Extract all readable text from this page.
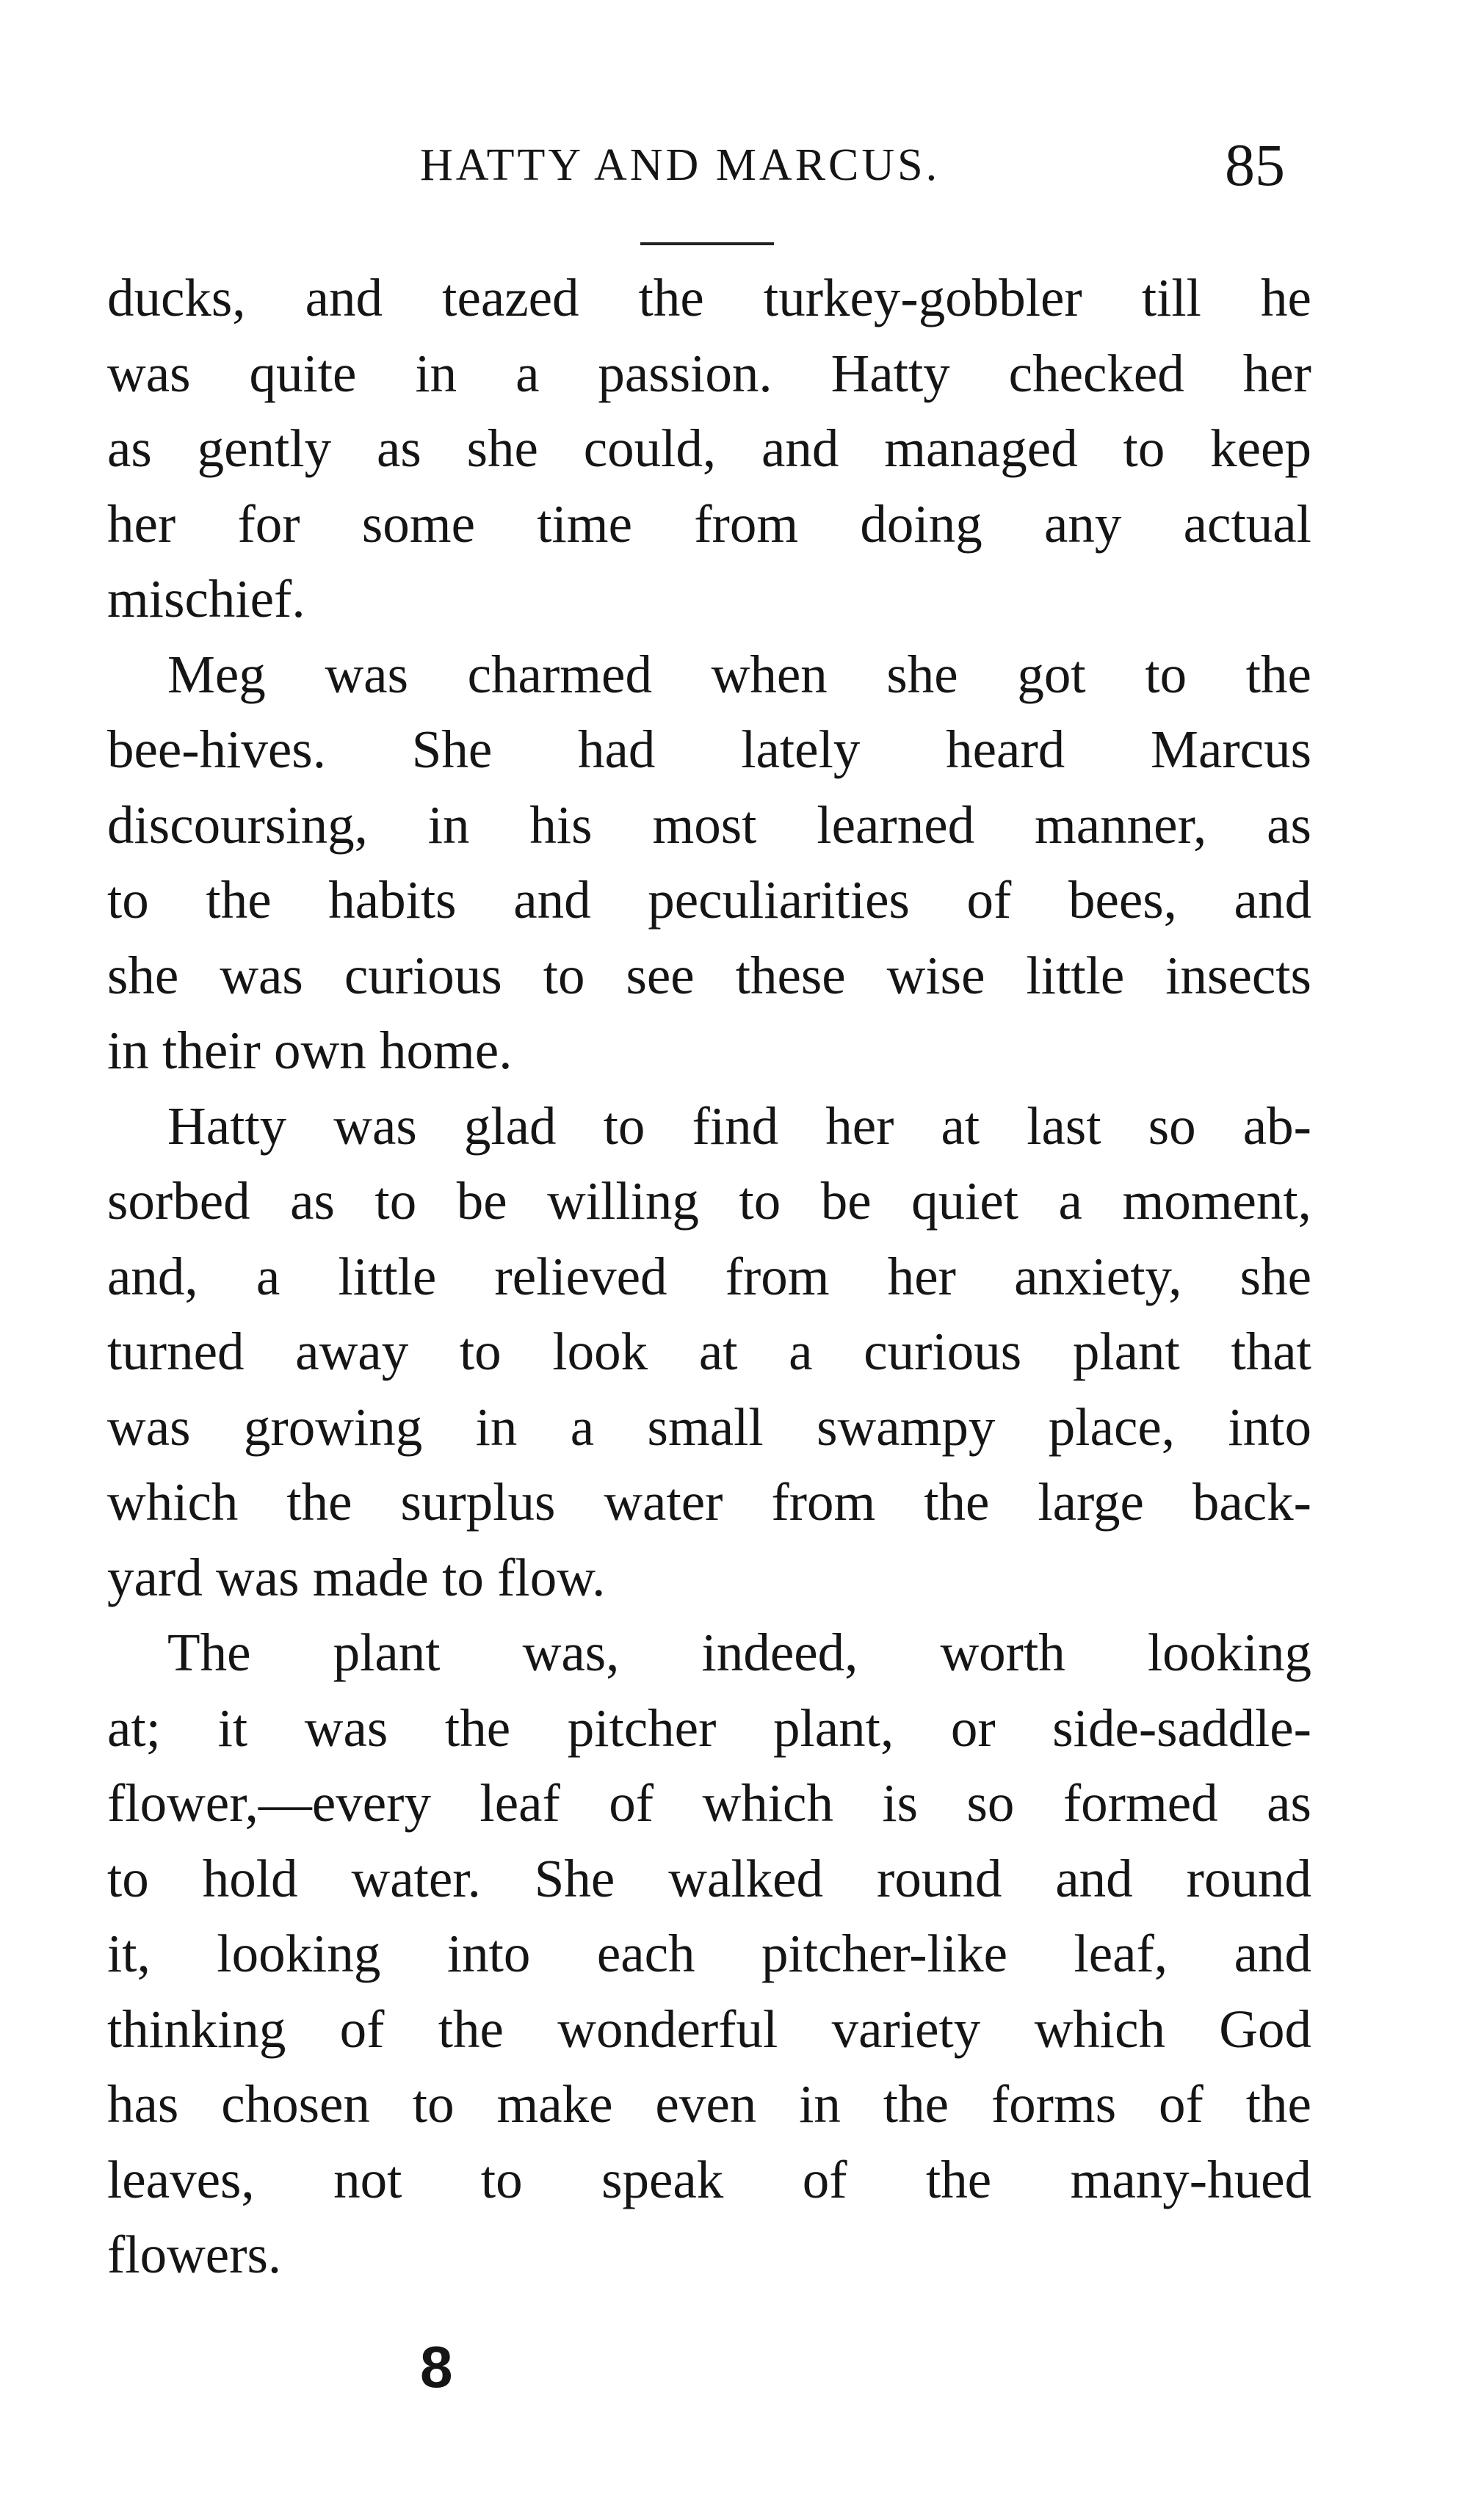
HATTY AND MARCUS.	85
ducks, and teazed the turkey-gobbler till he
was quite in a passion. Hatty checked her
as gently as she could, and managed to keep
her for some time from doing any actual
mischief.
Meg was charmed when she got to the
bee-hives. She had lately heard Marcus
discoursing, in his most learned manner, as
to the habits and peculiarities of bees, and
she was curious to see these wise little insects
in their own home.
Hatty was glad to find her at last so ab-
sorbed as to be willing to be quiet a moment,
and, a little relieved from her anxiety, she
turned away to look at a curious plant that
was growing in a small swampy place, into
which the surplus water from the large back-
yard was made to flow.
The plant was, indeed, worth looking
at; it was the pitcher plant, or side-saddle-
flower,—every leaf of which is so formed as
to hold water. She walked round and round
it, looking into each pitcher-like leaf, and
thinking of the wonderful variety which God
has chosen to make even in the forms of the
leaves, not to speak of the many-hued
flowers.
8
